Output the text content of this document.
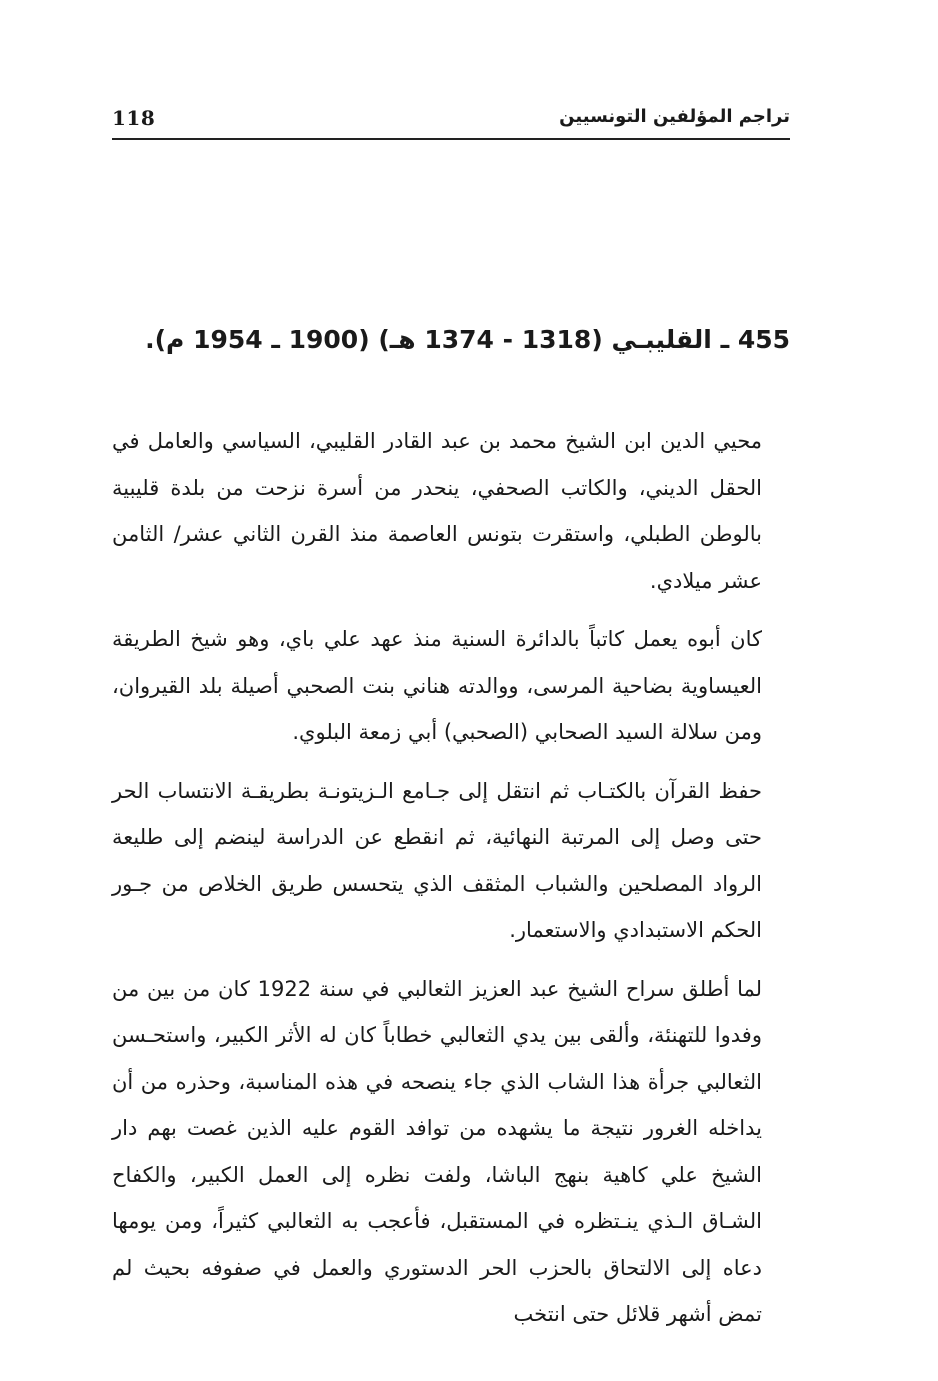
118	تراجم المؤلفين التونسيين
455 ـ القليبـي (1318 - 1374 هـ) (1900 ـ 1954 م).

محيي الدين ابن الشيخ محمد بن عبد القادر القليبي، السياسي والعامل في الحقل الديني، والكاتب الصحفي، ينحدر من أسرة نزحت من بلدة قليبية بالوطن الطبلي، واستقرت بتونس العاصمة منذ القرن الثاني عشر/ الثامن عشر ميلادي.

كان أبوه يعمل كاتباً بالدائرة السنية منذ عهد علي باي، وهو شيخ الطريقة العيساوية بضاحية المرسى، ووالدته هناني بنت الصحبي أصيلة بلد القيروان، ومن سلالة السيد الصحابي (الصحبي) أبي زمعة البلوي.

حفظ القرآن بالكتـاب ثم انتقل إلى جـامع الـزيتونـة بطريقـة الانتساب الحر حتى وصل إلى المرتبة النهائية، ثم انقطع عن الدراسة لينضم إلى طليعة الرواد المصلحين والشباب المثقف الذي يتحسس طريق الخلاص من جـور الحكم الاستبدادي والاستعمار.

لما أطلق سراح الشيخ عبد العزيز الثعالبي في سنة 1922 كان من بين من وفدوا للتهنئة، وألقى بين يدي الثعالبي خطاباً كان له الأثر الكبير، واستحـسن الثعالبي جرأة هذا الشاب الذي جاء ينصحه في هذه المناسبة، وحذره من أن يداخله الغرور نتيجة ما يشهده من توافد القوم عليه الذين غصت بهم دار الشيخ علي كاهية بنهج الباشا، ولفت نظره إلى العمل الكبير، والكفاح الشـاق الـذي ينـتظره في المستقبل، فأعجب به الثعالبي كثيراً، ومن يومها دعاه إلى الالتحاق بالحزب الحر الدستوري والعمل في صفوفه بحيث لم تمض أشهر قلائل حتى انتخب
